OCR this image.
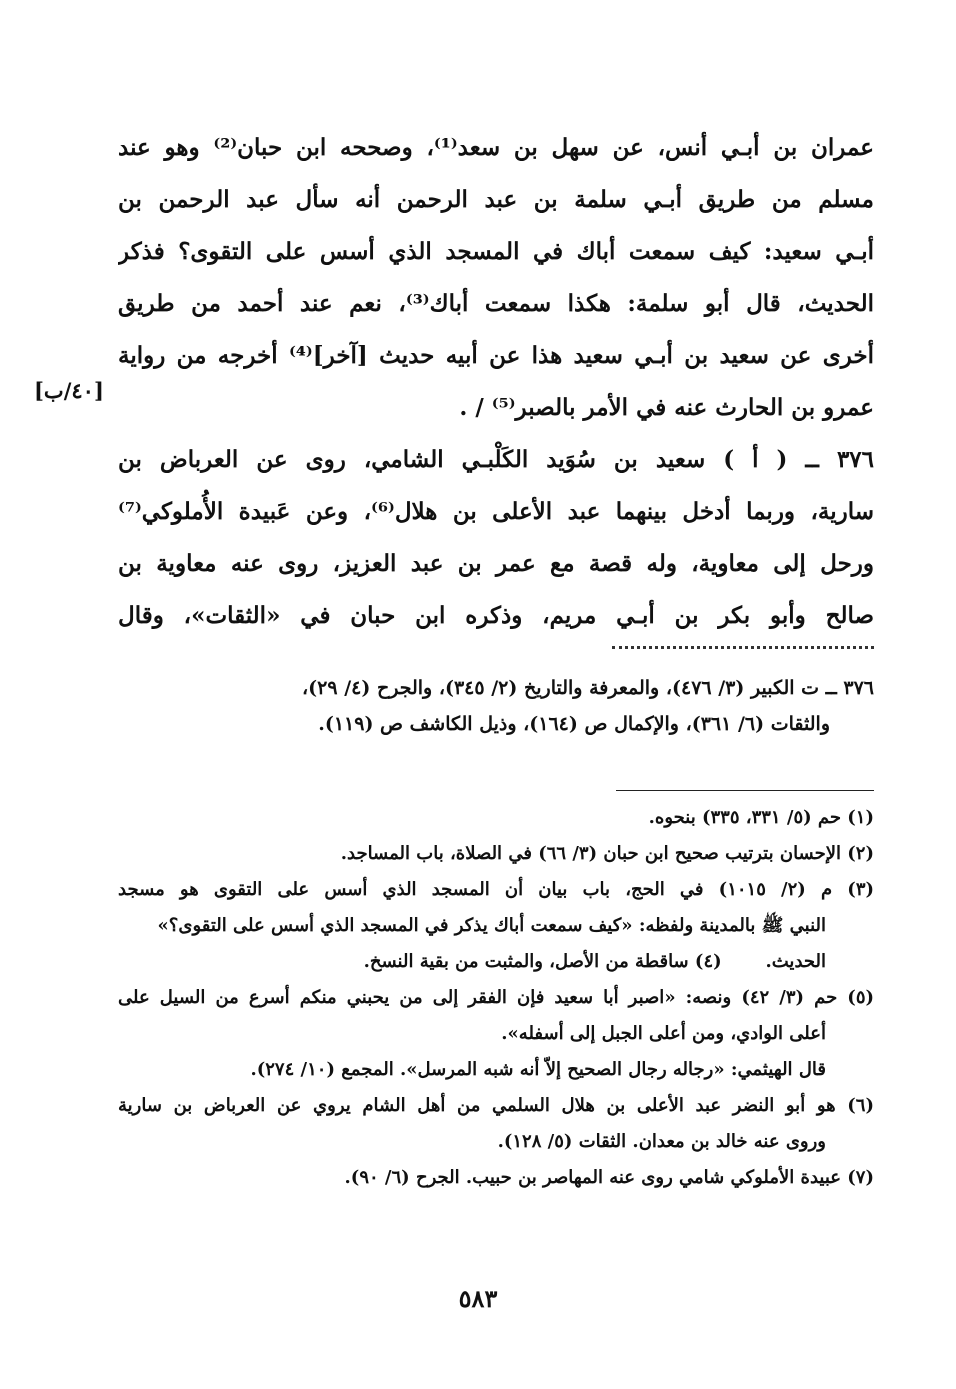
عمران بن أبـي أنس، عن سهل بن سعد⁽¹⁾، وصححه ابن حبان⁽²⁾ وهو عند
مسلم من طريق أبـي سلمة بن عبد الرحمن أنه سأل عبد الرحمن بن
أبـي سعيد: كيف سمعت أباك في المسجد الذي أسس على التقوى؟ فذكر
الحديث، قال أبو سلمة: هكذا سمعت أباك⁽³⁾، نعم عند أحمد من طريق
أخرى عن سعيد بن أبـي سعيد هذا عن أبيه حديث [آخر]⁽⁴⁾ أخرجه من رواية
عمرو بن الحارث عنه في الأمر بالصبر⁽⁵⁾ / .
٣٧٦ ــ ( أ ) سعيد بن سُوَيد الكَلْبـي الشامي، روى عن العرباض بن
سارية، وربما أدخل بينهما عبد الأعلى بن هلال⁽⁶⁾، وعن عَبيدة الأُملوكي⁽⁷⁾
ورحل إلى معاوية، وله قصة مع عمر بن عبد العزيز، روى عنه معاوية بن
صالح وأبو بكر بن أبـي مريم، وذكره ابن حبان في «الثقات»، وقال
[٤٠/ب]
٣٧٦ ــ ت الكبير (٣/ ٤٧٦)، والمعرفة والتاريخ (٢/ ٣٤٥)، والجرح (٤/ ٢٩)،
والثقات (٦/ ٣٦١)، والإكمال ص (١٦٤)، وذيل الكاشف ص (١١٩).
(١) حم (٥/ ٣٣١، ٣٣٥) بنحوه.
(٢) الإحسان بترتيب صحيح ابن حبان (٣/ ٦٦) في الصلاة، باب المساجد.
(٣) م (٢/ ١٠١٥) في الحج، باب بيان أن المسجد الذي أسس على التقوى هو مسجد
النبي ﷺ بالمدينة ولفظه: «كيف سمعت أباك يذكر في المسجد الذي أسس على التقوى؟»
الحديث.       (٤) ساقطة من الأصل، والمثبت من بقية النسخ.
(٥) حم (٣/ ٤٢) ونصه: «اصبر أبا سعيد فإن الفقر إلى من يحبني منكم أسرع من السيل على
أعلى الوادي، ومن أعلى الجبل إلى أسفله».
قال الهيثمي: «رجاله رجال الصحيح إلاّ أنه شبه المرسل». المجمع (١٠/ ٢٧٤).
(٦) هو أبو النضر عبد الأعلى بن هلال السلمي من أهل الشام يروي عن العرباض بن سارية
وروى عنه خالد بن معدان. الثقات (٥/ ١٢٨).
(٧) عبيدة الأملوكي شامي روى عنه المهاصر بن حبيب. الجرح (٦/ ٩٠).
٥٨٣
